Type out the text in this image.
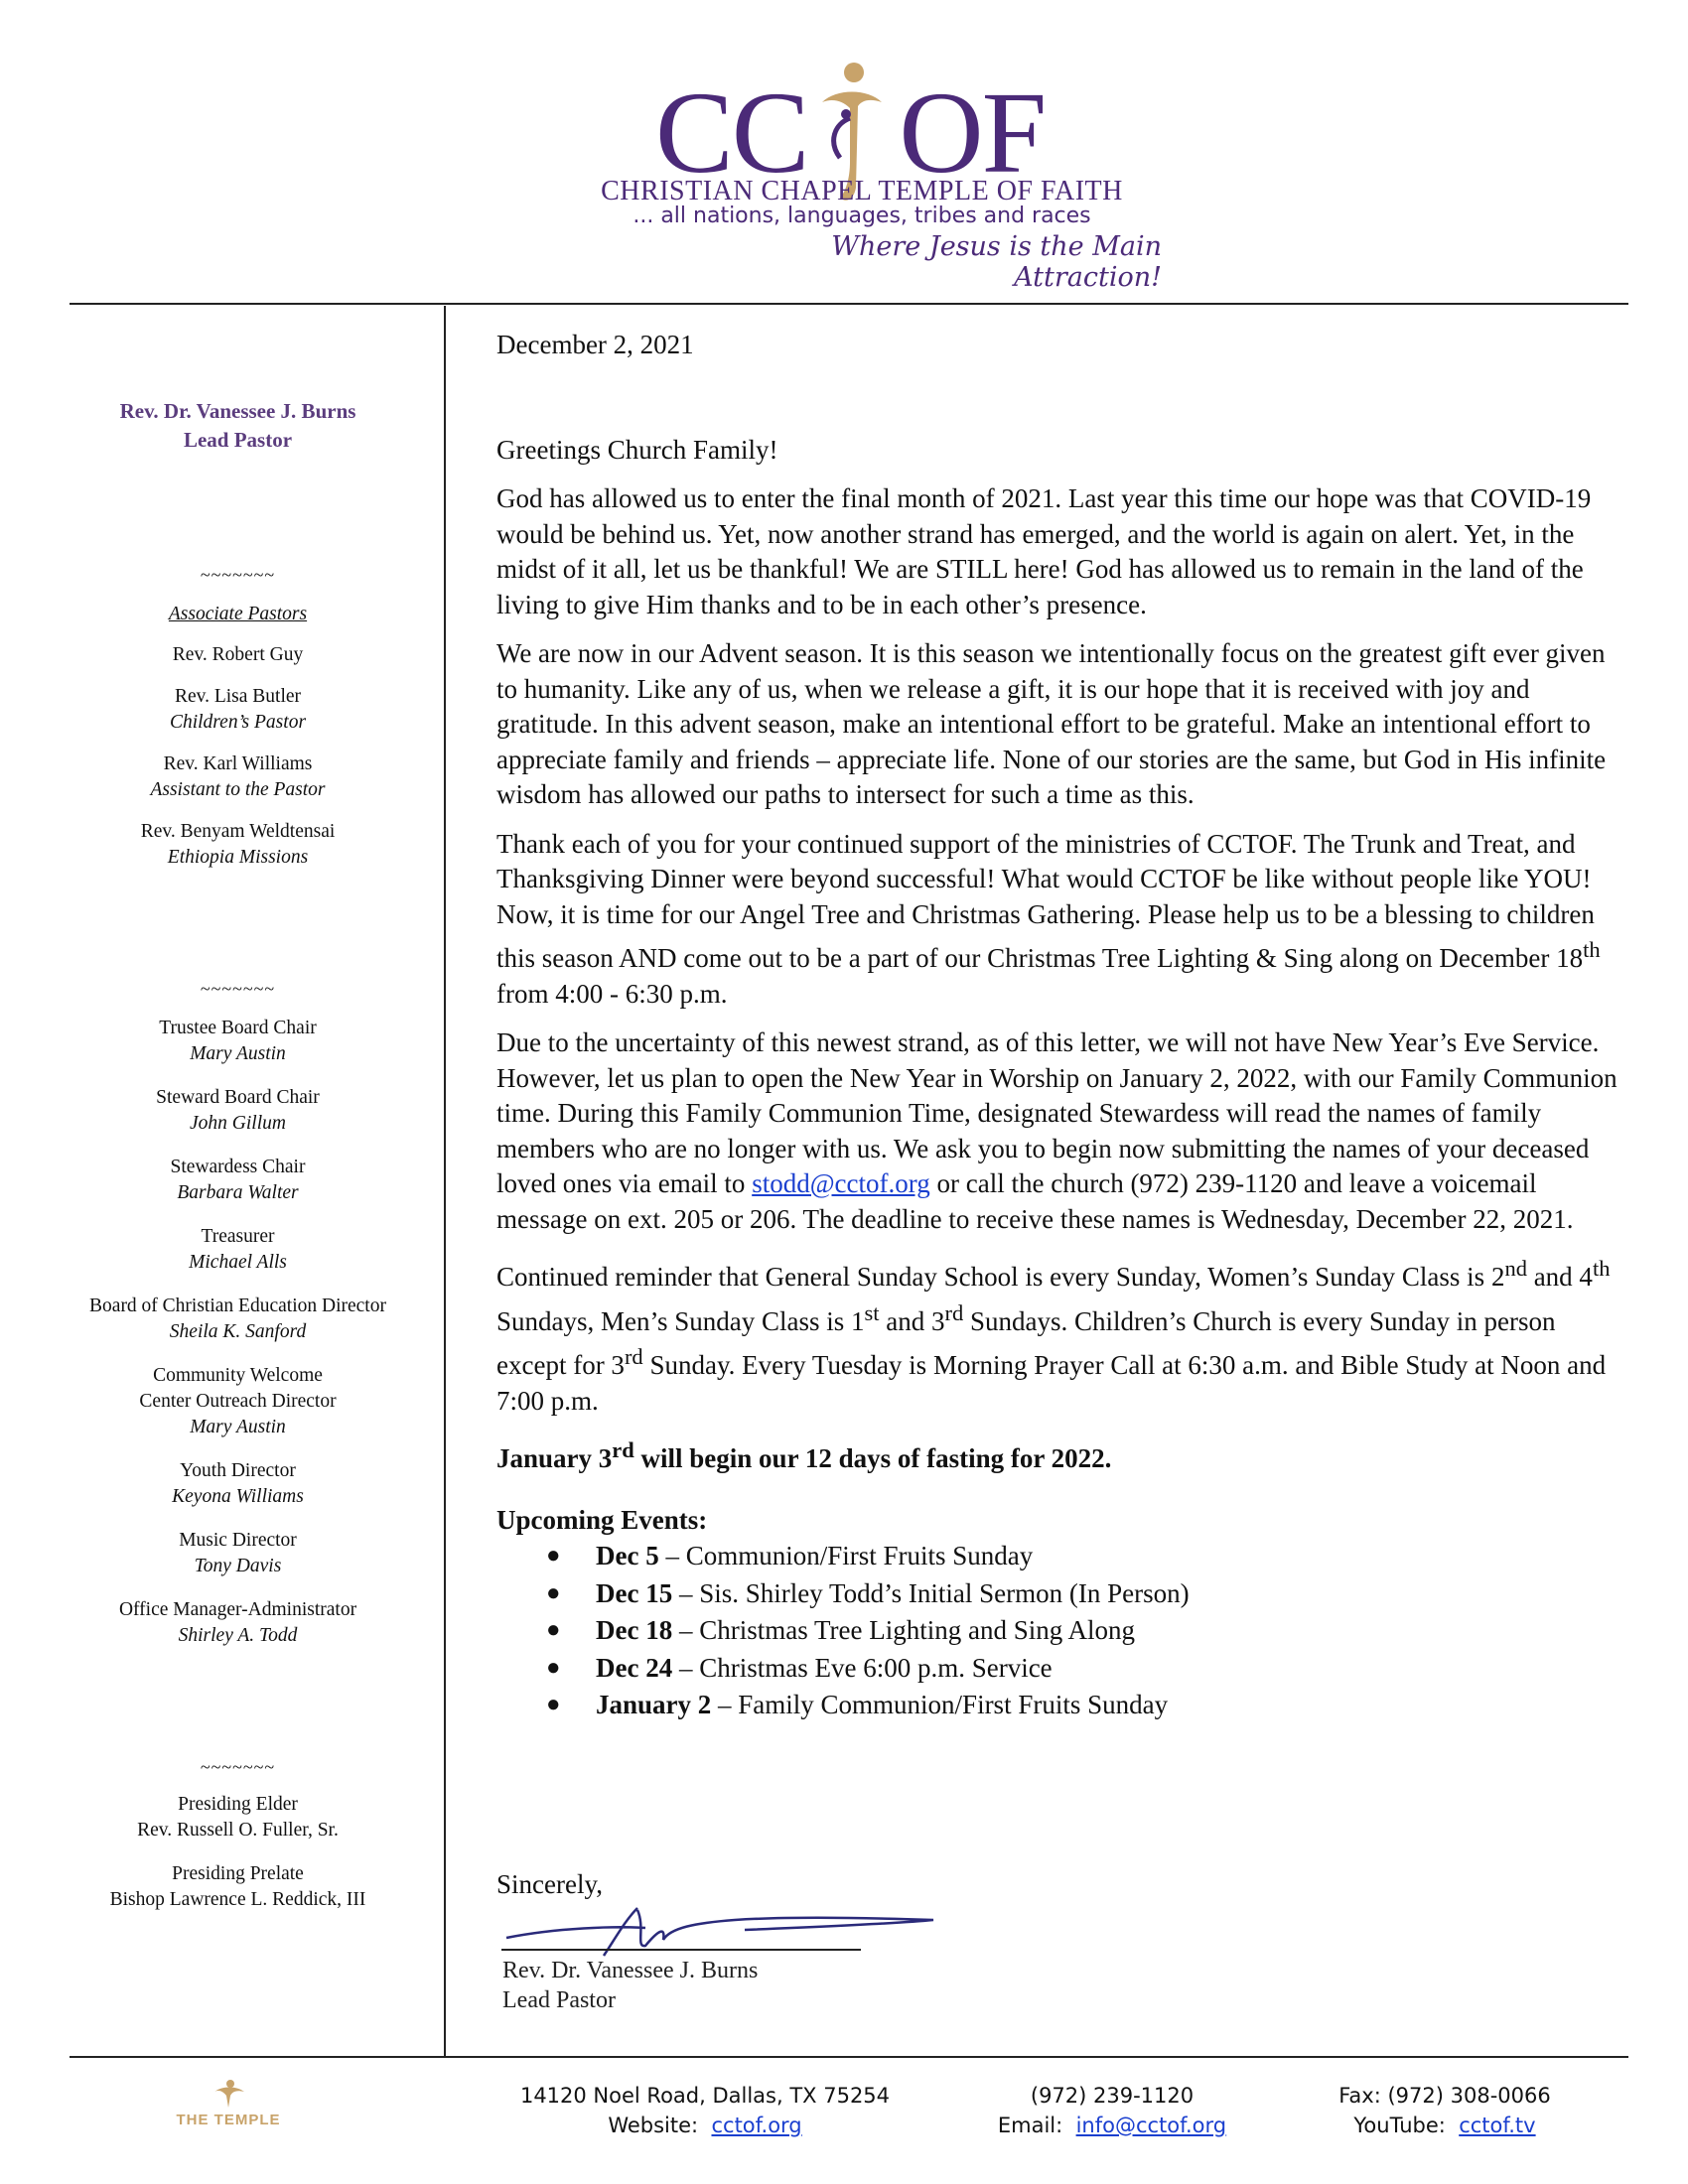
CC OF
CHRISTIAN CHAPEL TEMPLE OF FAITH
... all nations, languages, tribes and races
Where Jesus is the Main Attraction!
Rev. Dr. Vanessee J. Burns
Lead Pastor
~~~~~~~
Associate Pastors
Rev. Robert Guy
Rev. Lisa Butler
Children’s Pastor
Rev. Karl Williams
Assistant to the Pastor
Rev. Benyam Weldtensai
Ethiopia Missions
~~~~~~~
Trustee Board Chair
Mary Austin
Steward Board Chair
John Gillum
Stewardess Chair
Barbara Walter
Treasurer
Michael Alls
Board of Christian Education Director
Sheila K. Sanford
Community Welcome Center Outreach Director
Mary Austin
Youth Director
Keyona Williams
Music Director
Tony Davis
Office Manager-Administrator
Shirley A. Todd
~~~~~~~
Presiding Elder
Rev. Russell O. Fuller, Sr.
Presiding Prelate
Bishop Lawrence L. Reddick, III

December 2, 2021

Greetings Church Family!

God has allowed us to enter the final month of 2021. Last year this time our hope was that COVID-19 would be behind us. Yet, now another strand has emerged, and the world is again on alert. Yet, in the midst of it all, let us be thankful! We are STILL here! God has allowed us to remain in the land of the living to give Him thanks and to be in each other’s presence.

We are now in our Advent season. It is this season we intentionally focus on the greatest gift ever given to humanity. Like any of us, when we release a gift, it is our hope that it is received with joy and gratitude. In this advent season, make an intentional effort to be grateful. Make an intentional effort to appreciate family and friends – appreciate life. None of our stories are the same, but God in His infinite wisdom has allowed our paths to intersect for such a time as this.

Thank each of you for your continued support of the ministries of CCTOF. The Trunk and Treat, and Thanksgiving Dinner were beyond successful! What would CCTOF be like without people like YOU! Now, it is time for our Angel Tree and Christmas Gathering. Please help us to be a blessing to children this season AND come out to be a part of our Christmas Tree Lighting & Sing along on December 18th from 4:00 - 6:30 p.m.

Due to the uncertainty of this newest strand, as of this letter, we will not have New Year’s Eve Service. However, let us plan to open the New Year in Worship on January 2, 2022, with our Family Communion time. During this Family Communion Time, designated Stewardess will read the names of family members who are no longer with us. We ask you to begin now submitting the names of your deceased loved ones via email to stodd@cctof.org or call the church (972) 239-1120 and leave a voicemail message on ext. 205 or 206. The deadline to receive these names is Wednesday, December 22, 2021.

Continued reminder that General Sunday School is every Sunday, Women’s Sunday Class is 2nd and 4th Sundays, Men’s Sunday Class is 1st and 3rd Sundays. Children’s Church is every Sunday in person except for 3rd Sunday. Every Tuesday is Morning Prayer Call at 6:30 a.m. and Bible Study at Noon and 7:00 p.m.

January 3rd will begin our 12 days of fasting for 2022.

Upcoming Events:

● Dec 5 – Communion/First Fruits Sunday
● Dec 15 – Sis. Shirley Todd’s Initial Sermon (In Person)
● Dec 18 – Christmas Tree Lighting and Sing Along
● Dec 24 – Christmas Eve 6:00 p.m. Service
● January 2 – Family Communion/First Fruits Sunday
Sincerely,
Rev. Dr. Vanessee J. Burns
Lead Pastor
THE TEMPLE
14120 Noel Road, Dallas, TX 75254
Website: cctof.org
(972) 239-1120
Email: info@cctof.org
Fax: (972) 308-0066
YouTube: cctof.tv
